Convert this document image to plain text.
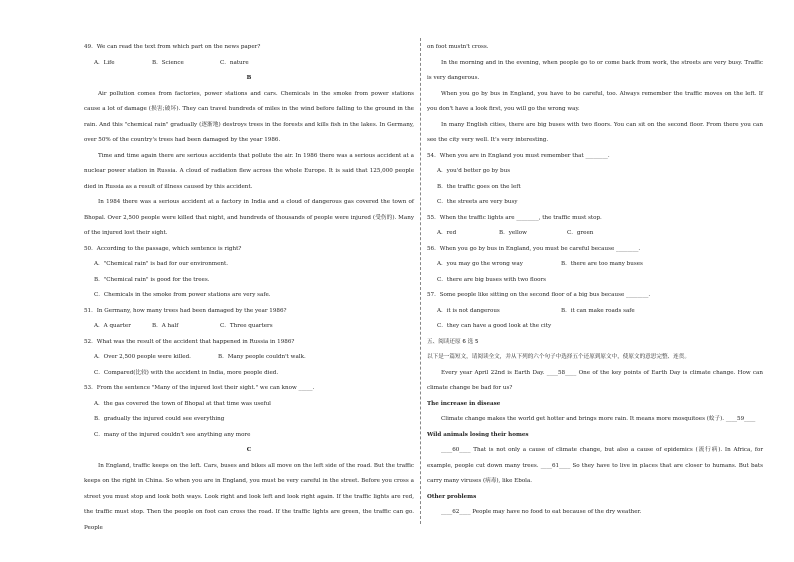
49．We can read the text from which part on the news paper?
A．Life	B．Science	C．nature
B
Air pollution comes from factories, power stations and cars. Chemicals in the smoke from power stations cause a lot of damage (损害;破坏). They can travel hundreds of miles in the wind before falling to the ground in the rain. And this "chemical rain" gradually (逐渐地) destroys trees in the forests and kills fish in the lakes. In Germany, over 50% of the country's trees had been damaged by the year 1986.
Time and time again there are serious accidents that pollute the air. In 1986 there was a serious accident at a nuclear power station in Russia. A cloud of radiation flew across the whole Europe. It is said that 125,000 people died in Russia as a result of illness caused by this accident.
In 1984 there was a serious accident at a factory in India and a cloud of dangerous gas covered the town of Bhopal. Over 2,500 people were killed that night, and hundreds of thousands of people were injured (受伤的). Many of the injured lost their sight.
50．According to the passage, which sentence is right?
A．"Chemical rain" is bad for our environment.
B．"Chemical rain" is good for the trees.
C．Chemicals in the smoke from power stations are very safe.
51．In Germany, how many trees had been damaged by the year 1986?
A．A quarter	B．A half	C．Three quarters
52．What was the result of the accident that happened in Russia in 1986?
A．Over 2,500 people were killed.	B．Many people couldn't walk.
C．Compared(比较) with the accident in India, more people died.
53．From the sentence "Many of the injured lost their sight." we can know _____.
A．the gas covered the town of Bhopal at that time was useful
B．gradually the injured could see everything
C．many of the injured couldn't see anything any more
C
In England, traffic keeps on the left. Cars, buses and bikes all move on the left side of the road. But the traffic keeps on the right in China. So when you are in England, you must be very careful in the street. Before you cross a street you must stop and look both ways. Look right and look left and look right again. If the traffic lights are red, the traffic must stop. Then the people on foot can cross the road. If the traffic lights are green, the traffic can go. People
on foot mustn't cross.
In the morning and in the evening, when people go to or come back from work, the streets are very busy. Traffic is very dangerous.
When you go by bus in England, you have to be careful, too. Always remember the traffic moves on the left. If you don't have a look first, you will go the wrong way.
In many English cities, there are big buses with two floors. You can sit on the second floor. From there you can see the city very well. It's very interesting.
54．When you are in England you must remember that ________.
A．you'd better go by bus
B．the traffic goes on the left
C．the streets are very busy
55．When the traffic lights are ________, the traffic must stop.
A．red	B．yellow	C．green
56．When you go by bus in England, you must be careful because ________.
A．you may go the wrong way	B．there are too many buses
C．there are big buses with two floors
57．Some people like sitting on the second floor of a big bus because ________.
A．it is not dangerous	B．it can make roads safe
C．they can have a good look at the city
五、阅读还原 6 选 5
以下是一篇短文，请阅读全文，并从下列的六个句子中选择五个还原到原文中，使原文的意思完整、连贯。
Every year April 22nd is Earth Day. ____58____ One of the key points of Earth Day is climate change. How can climate change be bad for us?
The increase in disease
Climate change makes the world get hotter and brings more rain. It means more mosquitoes (蚊子). ____59____
Wild animals losing their homes
____60____ That is not only a cause of climate change, but also a cause of epidemics (流行病). In Africa, for example, people cut down many trees. ____61____ So they have to live in places that are closer to humans. But bats carry many viruses (病毒), like Ebola.
Other problems
____62____ People may have no food to eat because of the dry weather.
